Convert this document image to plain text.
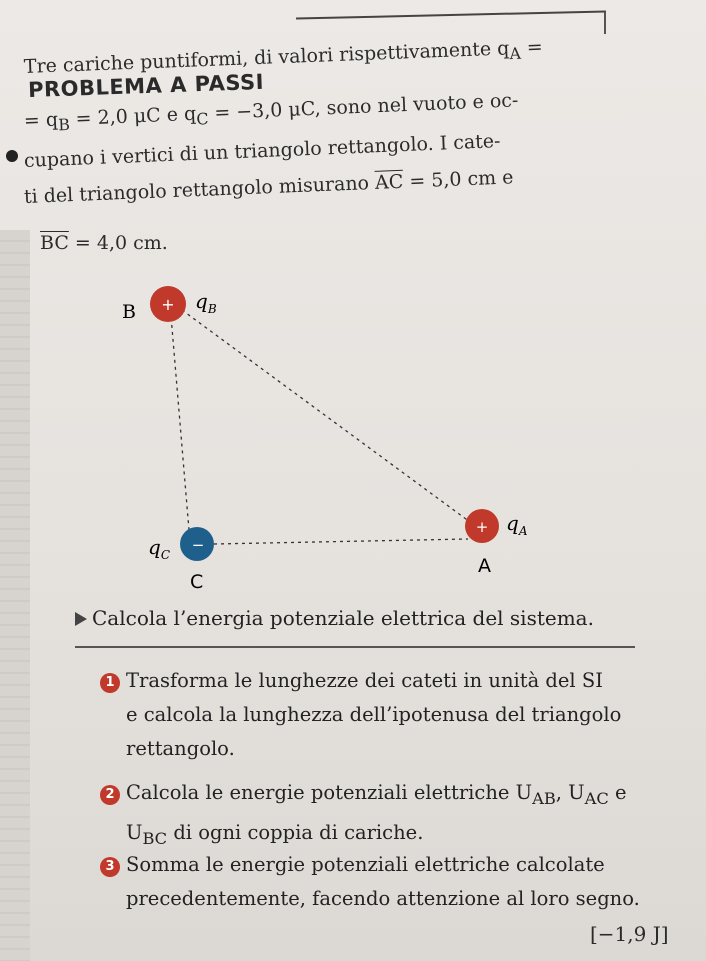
PROBLEMA A PASSI
Tre cariche puntiformi, di valori rispettivamente $q_A$ =
= $q_B = 2,0$ μC e $q_C = -3,0$ μC, sono nel vuoto e oc-
cupano i vertici di un triangolo rettangolo. I cate-
ti del triangolo rettangolo misurano $\overline{AC} = 5,0$ cm e
$\overline{BC} = 4,0$ cm.
+
B	$q_B$
−
$q_C$
C
+ $q_A$
A
Calcola l’energia potenziale elettrica del sistema.
1 Trasforma le lunghezze dei cateti in unità del SI
e calcola la lunghezza dell’ipotenusa del triangolo
rettangolo.
2 Calcola le energie potenziali elettriche $U_{AB}$, $U_{AC}$ e
$U_{BC}$ di ogni coppia di cariche.
3 Somma le energie potenziali elettriche calcolate
precedentemente, facendo attenzione al loro segno.
[−1,9 J]
